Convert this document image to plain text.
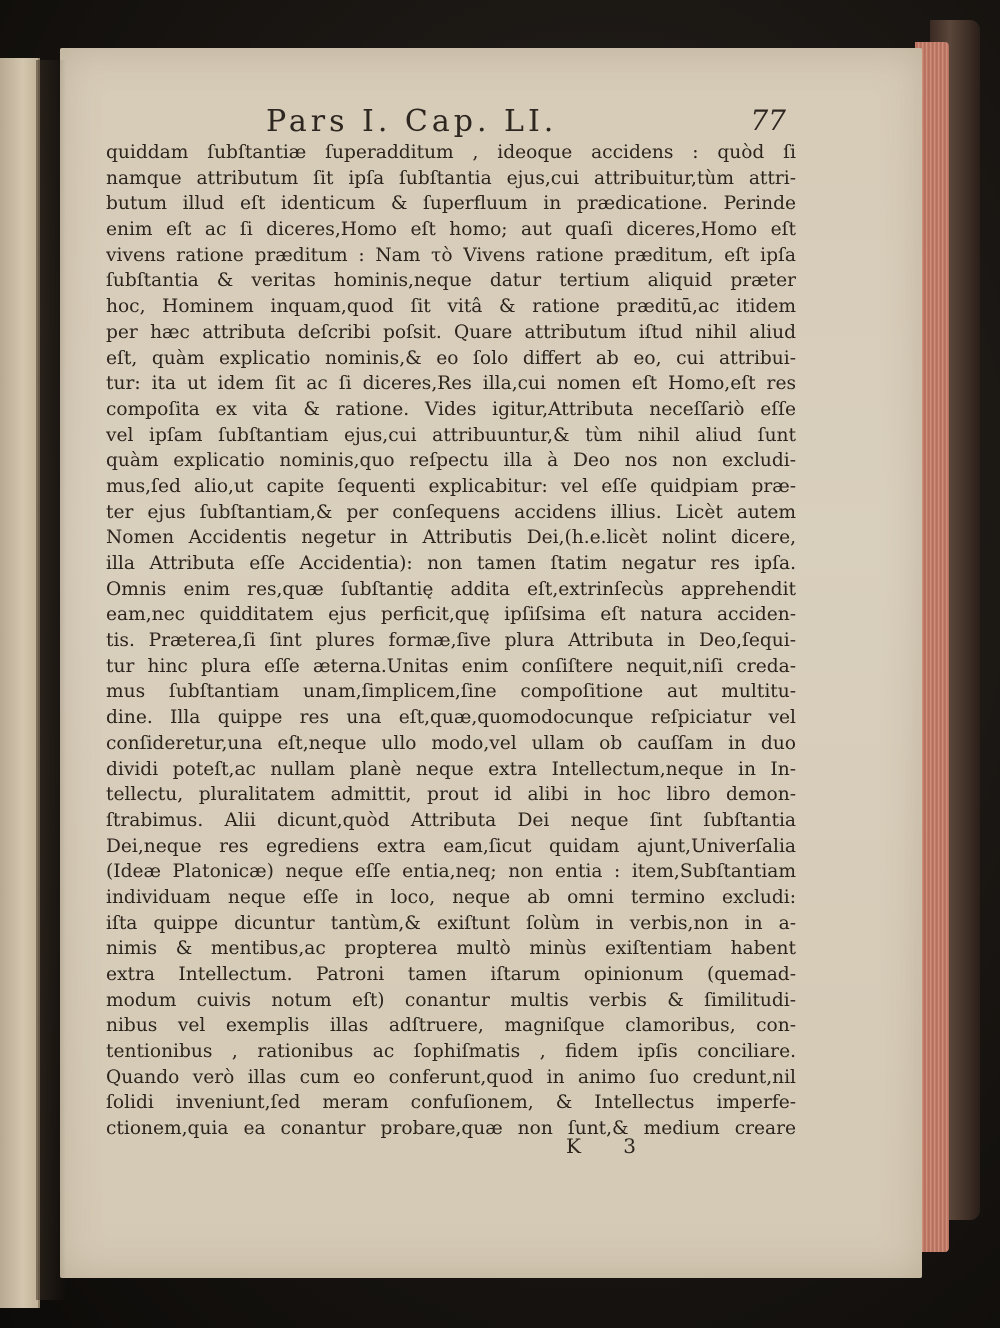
Pars I. Cap. LI.	77
quiddam ſubſtantiæ ſuperadditum , ideoque accidens : quòd ſi
namque attributum ſit ipſa ſubſtantia ejus,cui attribuitur,tùm attri-
butum illud eſt identicum & ſuperfluum in prædicatione. Perinde
enim eſt ac ſi diceres,Homo eſt homo; aut quaſi diceres,Homo eſt
vivens ratione præditum : Nam τὸ Vivens ratione præditum, eſt ipſa
ſubſtantia & veritas hominis,neque datur tertium aliquid præter
hoc, Hominem inquam,quod ſit vitâ & ratione præditū,ac itidem
per hæc attributa deſcribi poſsit. Quare attributum iſtud nihil aliud
eſt, quàm explicatio nominis,& eo ſolo differt ab eo, cui attribui-
tur: ita ut idem ſit ac ſi diceres,Res illa,cui nomen eſt Homo,eſt res
compoſita ex vita & ratione. Vides igitur,Attributa neceſſariò eſſe
vel ipſam ſubſtantiam ejus,cui attribuuntur,& tùm nihil aliud ſunt
quàm explicatio nominis,quo reſpectu illa à Deo nos non excludi-
mus,ſed alio,ut capite ſequenti explicabitur: vel eſſe quidpiam præ-
ter ejus ſubſtantiam,& per conſequens accidens illius. Licèt autem
Nomen Accidentis negetur in Attributis Dei,(h.e.licèt nolint dicere,
illa Attributa eſſe Accidentia): non tamen ſtatim negatur res ipſa.
Omnis enim res,quæ ſubſtantię addita eſt,extrinſecùs apprehendit
eam,nec quidditatem ejus perficit,quę ipſiſsima eſt natura acciden-
tis. Prætereа,ſi ſint plures formæ,ſive plura Attributa in Deo,ſequi-
tur hinc plura eſſe æterna.Unitas enim conſiſtere nequit,niſi creda-
mus ſubſtantiam unam,ſimplicem,ſine compoſitione aut multitu-
dine. Illa quippe res una eſt,quæ,quomodocunque reſpiciatur vel
conſideretur,una eſt,neque ullo modo,vel ullam ob cauſſam in duo
dividi poteſt,ac nullam planè neque extra Intellectum,neque in In-
tellectu, pluralitatem admittit, prout id alibi in hoc libro demon-
ſtrabimus. Alii dicunt,quòd Attributa Dei neque ſint ſubſtantia
Dei,neque res egrediens extra eam,ſicut quidam ajunt,Univerſalia
(Ideæ Platonicæ) neque eſſe entia,neq; non entia : item,Subſtantiam
individuam neque eſſe in loco, neque ab omni termino excludi:
iſta quippe dicuntur tantùm,& exiſtunt ſolùm in verbis,non in a-
nimis & mentibus,ac propterea multò minùs exiſtentiam habent
extra Intellectum. Patroni tamen iſtarum opinionum (quemad-
modum cuivis notum eſt) conantur multis verbis & ſimilitudi-
nibus vel exemplis illas adſtruere, magniſque clamoribus, con-
tentionibus , rationibus ac ſophiſmatis , fidem ipſis conciliare.
Quando verò illas cum eo conferunt,quod in animo ſuo credunt,nil
ſolidi inveniunt,ſed meram confuſionem, & Intellectus imperfe-
ctionem,quia ea conantur probare,quæ non ſunt,& medium creare
K 3
